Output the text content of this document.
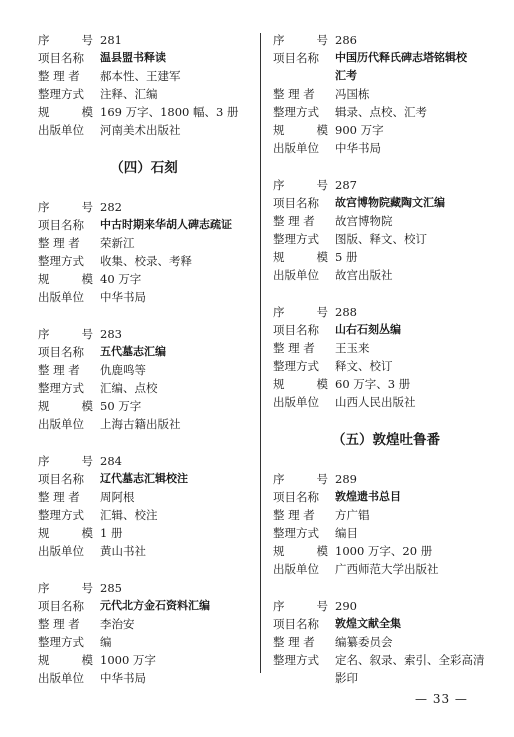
序	号 281
项目名称	温县盟书释读
整 理 者	郝本性、王建军
整理方式	注释、汇编
规	模 169 万字、1800 幅、3 册
出版单位	河南美术出版社
（四）石刻
序	号 282
项目名称	中古时期来华胡人碑志疏证
整 理 者	荣新江
整理方式	收集、校录、考释
规	模 40 万字
出版单位	中华书局
序	号 283
项目名称	五代墓志汇编
整 理 者	仇鹿鸣等
整理方式	汇编、点校
规	模 50 万字
出版单位	上海古籍出版社
序	号 284
项目名称	辽代墓志汇辑校注
整 理 者	周阿根
整理方式	汇辑、校注
规	模 1 册
出版单位	黄山书社
序	号 285
项目名称	元代北方金石资料汇编
整 理 者	李治安
整理方式	编
规	模 1000 万字
出版单位	中华书局
序	号 286
项目名称	中国历代释氏碑志塔铭辑校
汇考
整 理 者	冯国栋
整理方式	辑录、点校、汇考
规	模 900 万字
出版单位	中华书局
序	号 287
项目名称	故宫博物院藏陶文汇编
整 理 者	故宫博物院
整理方式	图版、释文、校订
规	模 5 册
出版单位	故宫出版社
序	号 288
项目名称	山右石刻丛编
整 理 者	王玉来
整理方式	释文、校订
规	模 60 万字、3 册
出版单位	山西人民出版社
（五）敦煌吐鲁番
序	号 289
项目名称	敦煌遗书总目
整 理 者	方广锠
整理方式	编目
规	模 1000 万字、20 册
出版单位	广西师范大学出版社
序	号 290
项目名称	敦煌文献全集
整 理 者	编纂委员会
整理方式	定名、叙录、索引、全彩高清
影印
— 33 —
